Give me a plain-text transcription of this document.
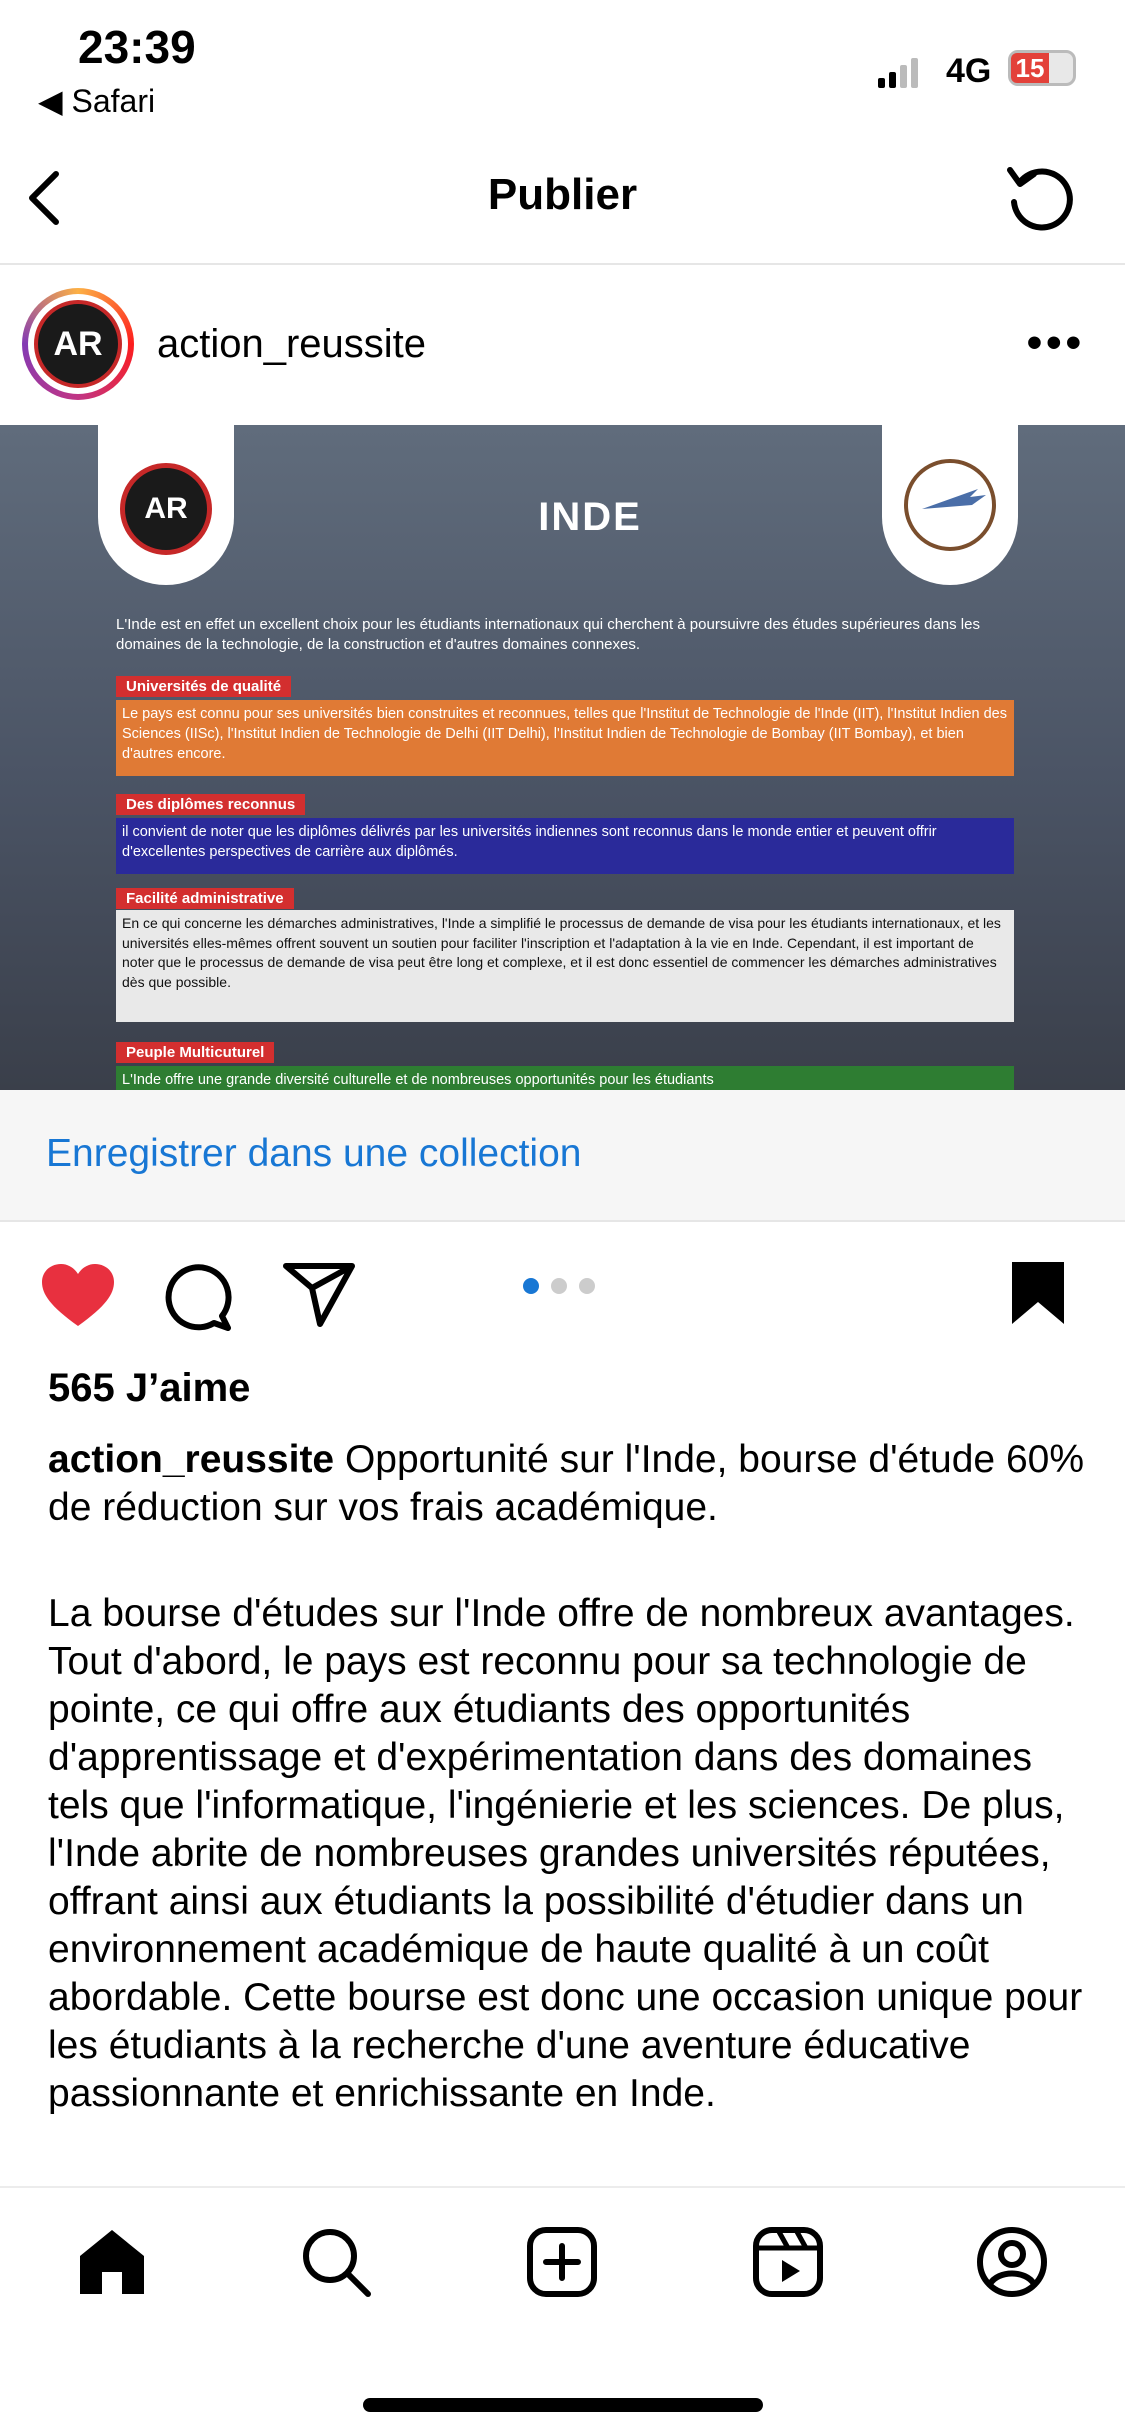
23:39
◀ Safari
4G 15
Publier
AR	action_reussite	•••
AR	INDE
L'Inde est en effet un excellent choix pour les étudiants internationaux qui cherchent à poursuivre des études supérieures dans les domaines de la technologie, de la construction et d'autres domaines connexes.
Universités de qualité
Le pays est connu pour ses universités bien construites et reconnues, telles que l'Institut de Technologie de l'Inde (IIT), l'Institut Indien des Sciences (IISc), l'Institut Indien de Technologie de Delhi (IIT Delhi), l'Institut Indien de Technologie de Bombay (IIT Bombay), et bien d'autres encore.
Des diplômes reconnus
il convient de noter que les diplômes délivrés par les universités indiennes sont reconnus dans le monde entier et peuvent offrir d'excellentes perspectives de carrière aux diplômés.
Facilité administrative
En ce qui concerne les démarches administratives, l'Inde a simplifié le processus de demande de visa pour les étudiants internationaux, et les universités elles-mêmes offrent souvent un soutien pour faciliter l'inscription et l'adaptation à la vie en Inde. Cependant, il est important de noter que le processus de demande de visa peut être long et complexe, et il est donc essentiel de commencer les démarches administratives dès que possible.
Peuple Multicuturel
L'Inde offre une grande diversité culturelle et de nombreuses opportunités pour les étudiants
Enregistrer dans une collection
565 J’aime
action_reussite Opportunité sur l'Inde, bourse d'étude 60% de réduction sur vos frais académique.
La bourse d'études sur l'Inde offre de nombreux avantages. Tout d'abord, le pays est reconnu pour sa technologie de pointe, ce qui offre aux étudiants des opportunités d'apprentissage et d'expérimentation dans des domaines tels que l'informatique, l'ingénierie et les sciences. De plus, l'Inde abrite de nombreuses grandes universités réputées, offrant ainsi aux étudiants la possibilité d'étudier dans un environnement académique de haute qualité à un coût abordable. Cette bourse est donc une occasion unique pour les étudiants à la recherche d'une aventure éducative passionnante et enrichissante en Inde.
